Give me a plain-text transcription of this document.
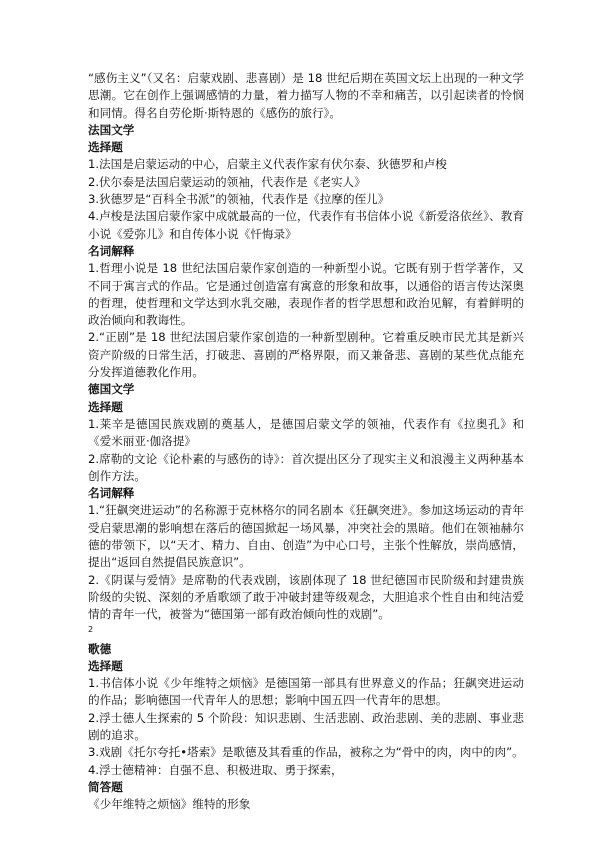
“感伤主义”（又名：启蒙戏剧、悲喜剧）是 18 世纪后期在英国文坛上出现的一种文学思潮。它在创作上强调感情的力量，着力描写人物的不幸和痛苦，以引起读者的怜悯和同情。得名自劳伦斯·斯特恩的《感伤的旅行》。

法国文学

选择题

1.法国是启蒙运动的中心，启蒙主义代表作家有伏尔泰、狄德罗和卢梭

2.伏尔泰是法国启蒙运动的领袖，代表作是《老实人》

3.狄德罗是“百科全书派”的领袖，代表作是《拉摩的侄儿》

4.卢梭是法国启蒙作家中成就最高的一位，代表作有书信体小说《新爱洛依丝》、教育小说《爱弥儿》和自传体小说《忏悔录》

名词解释

1.哲理小说是 18 世纪法国启蒙作家创造的一种新型小说。它既有别于哲学著作，又不同于寓言式的作品。它是通过创造富有寓意的形象和故事，以通俗的语言传达深奥的哲理，使哲理和文学达到水乳交融，表现作者的哲学思想和政治见解，有着鲜明的政治倾向和教诲性。

2.“正剧”是 18 世纪法国启蒙作家创造的一种新型剧种。它着重反映市民尤其是新兴资产阶级的日常生活，打破悲、喜剧的严格界限，而又兼备悲、喜剧的某些优点能充分发挥道德教化作用。

德国文学

选择题

1.莱辛是德国民族戏剧的奠基人，是德国启蒙文学的领袖，代表作有《拉奥孔》和《爱米丽亚·伽洛提》

2.席勒的文论《论朴素的与感伤的诗》：首次提出区分了现实主义和浪漫主义两种基本创作方法。

名词解释

1.“狂飙突进运动”的名称源于克林格尔的同名剧本《狂飙突进》。参加这场运动的青年受启蒙思潮的影响想在落后的德国掀起一场风暴，冲突社会的黑暗。他们在领袖赫尔德的带领下，以“天才、精力、自由、创造”为中心口号，主张个性解放，崇尚感情，提出“返回自然提倡民族意识”。

2.《阴谋与爱情》是席勒的代表戏剧，该剧体现了 18 世纪德国市民阶级和封建贵族阶级的尖锐、深刻的矛盾歌颂了敢于冲破封建等级观念，大胆追求个性自由和纯洁爱情的青年一代，被誉为“德国第一部有政治倾向性的戏剧”。

2

歌德

选择题

1.书信体小说《少年维特之烦恼》是德国第一部具有世界意义的作品；狂飙突进运动的作品；影响德国一代青年人的思想；影响中国五四一代青年的思想。

2.浮士德人生探索的 5 个阶段：知识悲剧、生活悲剧、政治悲剧、美的悲剧、事业悲剧的追求。

3.戏剧《托尔夸托•塔索》是歌德及其看重的作品，被称之为“骨中的肉，肉中的肉”。

4.浮士德精神：自强不息、积极进取、勇于探索，

简答题

《少年维特之烦恼》维特的形象
